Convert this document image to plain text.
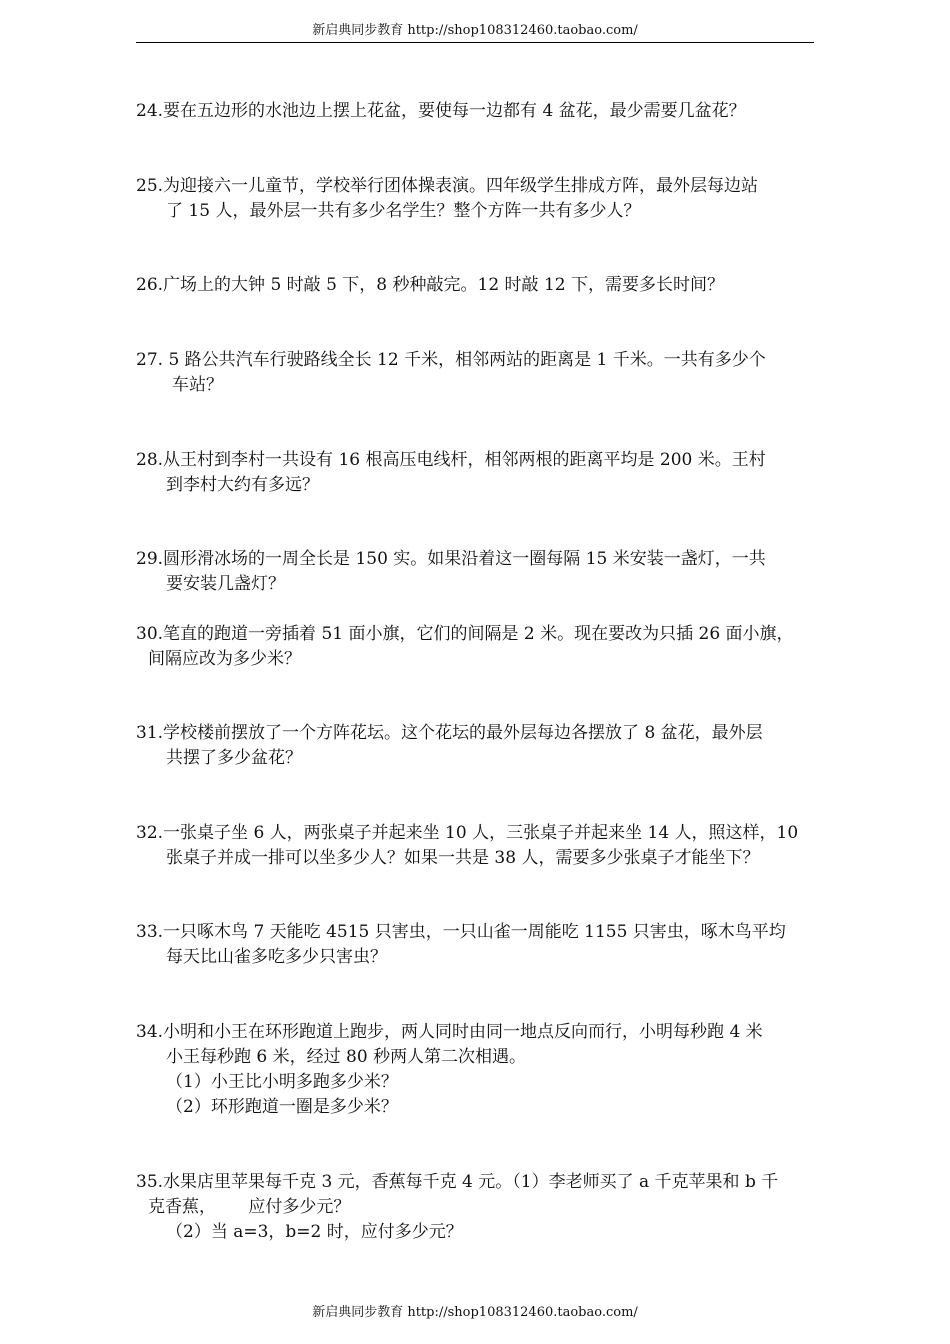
新启典同步教育 http://shop108312460.taobao.com/

24.要在五边形的水池边上摆上花盆，要使每一边都有 4 盆花，最少需要几盆花？

25.为迎接六一儿童节，学校举行团体操表演。四年级学生排成方阵，最外层每边站

了 15 人，最外层一共有多少名学生？整个方阵一共有多少人？

26.广场上的大钟 5 时敲 5 下，8 秒种敲完。12 时敲 12 下，需要多长时间？

27. 5 路公共汽车行驶路线全长 12 千米，相邻两站的距离是 1 千米。一共有多少个

车站？

28.从王村到李村一共设有 16 根高压电线杆，相邻两根的距离平均是 200 米。王村

到李村大约有多远？

29.圆形滑冰场的一周全长是 150 实。如果沿着这一圈每隔 15 米安装一盏灯，一共

要安装几盏灯？

30.笔直的跑道一旁插着 51 面小旗，它们的间隔是 2 米。现在要改为只插 26 面小旗，

间隔应改为多少米？

31.学校楼前摆放了一个方阵花坛。这个花坛的最外层每边各摆放了 8 盆花，最外层

共摆了多少盆花？

32.一张桌子坐 6 人，两张桌子并起来坐 10 人，三张桌子并起来坐 14 人，照这样，10

张桌子并成一排可以坐多少人？如果一共是 38 人，需要多少张桌子才能坐下？

33.一只啄木鸟 7 天能吃 4515 只害虫，一只山雀一周能吃 1155 只害虫，啄木鸟平均

每天比山雀多吃多少只害虫？

34.小明和小王在环形跑道上跑步，两人同时由同一地点反向而行，小明每秒跑 4 米

小王每秒跑 6 米，经过 80 秒两人第二次相遇。

（1）小王比小明多跑多少米？

（2）环形跑道一圈是多少米？

35.水果店里苹果每千克 3 元，香蕉每千克 4 元。（1）李老师买了 a 千克苹果和 b 千

克香蕉，      应付多少元？

（2）当 a=3，b=2 时，应付多少元？

新启典同步教育 http://shop108312460.taobao.com/
